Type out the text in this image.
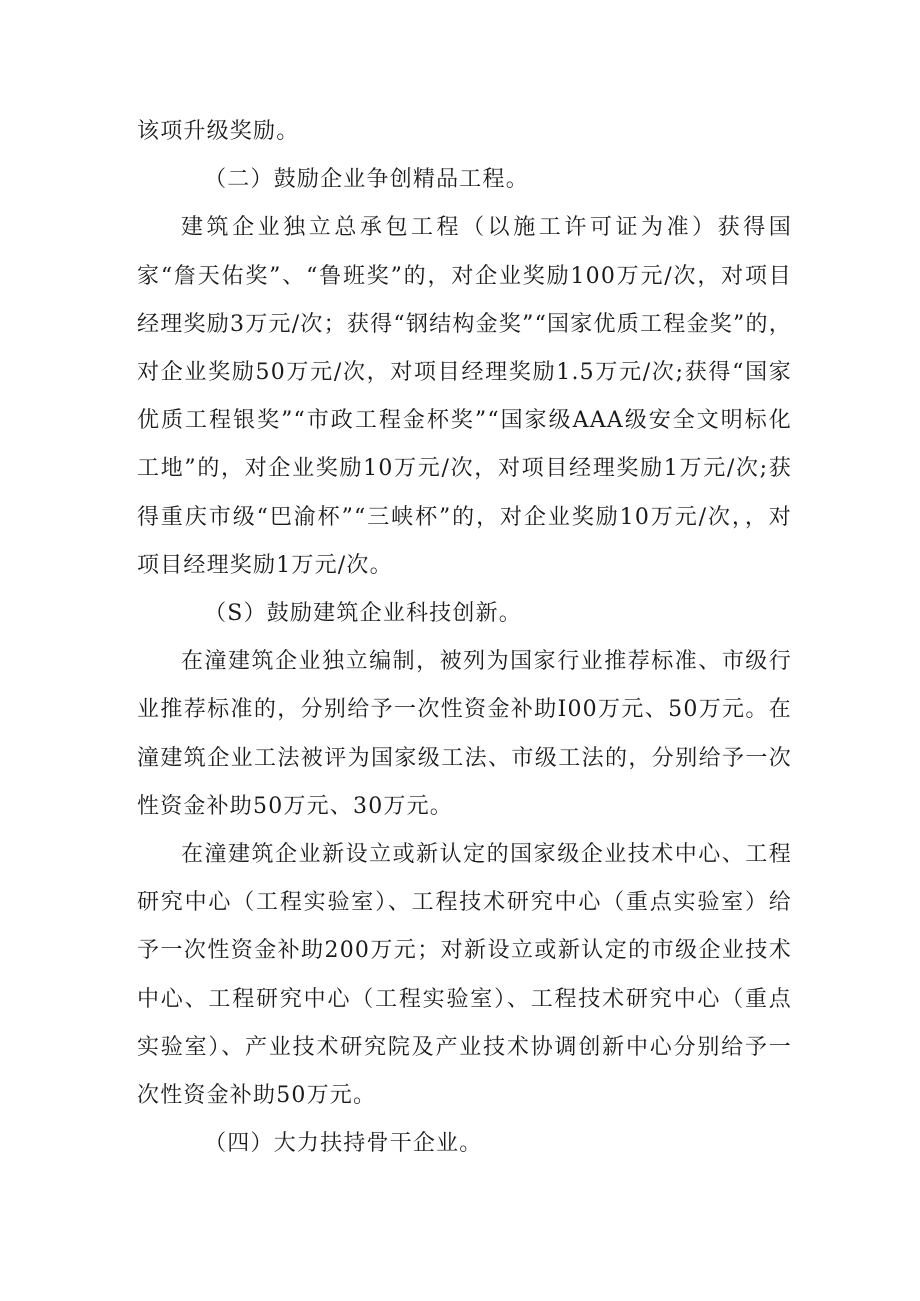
该项升级奖励。

（二）鼓励企业争创精品工程。

建筑企业独立总承包工程（以施工许可证为准）获得国家“詹天佑奖”、“鲁班奖”的，对企业奖励100万元/次，对项目经理奖励3万元/次；获得“钢结构金奖”“国家优质工程金奖”的，对企业奖励50万元/次，对项目经理奖励1.5万元/次;获得“国家优质工程银奖”“市政工程金杯奖”“国家级AAA级安全文明标化工地”的，对企业奖励10万元/次，对项目经理奖励1万元/次;获得重庆市级“巴渝杯”“三峡杯”的，对企业奖励10万元/次，，对项目经理奖励1万元/次。

（S）鼓励建筑企业科技创新。

在潼建筑企业独立编制，被列为国家行业推荐标准、市级行业推荐标准的，分别给予一次性资金补助I00万元、50万元。在潼建筑企业工法被评为国家级工法、市级工法的，分别给予一次性资金补助50万元、30万元。

在潼建筑企业新设立或新认定的国家级企业技术中心、工程研究中心（工程实验室）、工程技术研究中心（重点实验室）给予一次性资金补助200万元；对新设立或新认定的市级企业技术中心、工程研究中心（工程实验室）、工程技术研究中心（重点实验室）、产业技术研究院及产业技术协调创新中心分别给予一次性资金补助50万元。

（四）大力扶持骨干企业。
